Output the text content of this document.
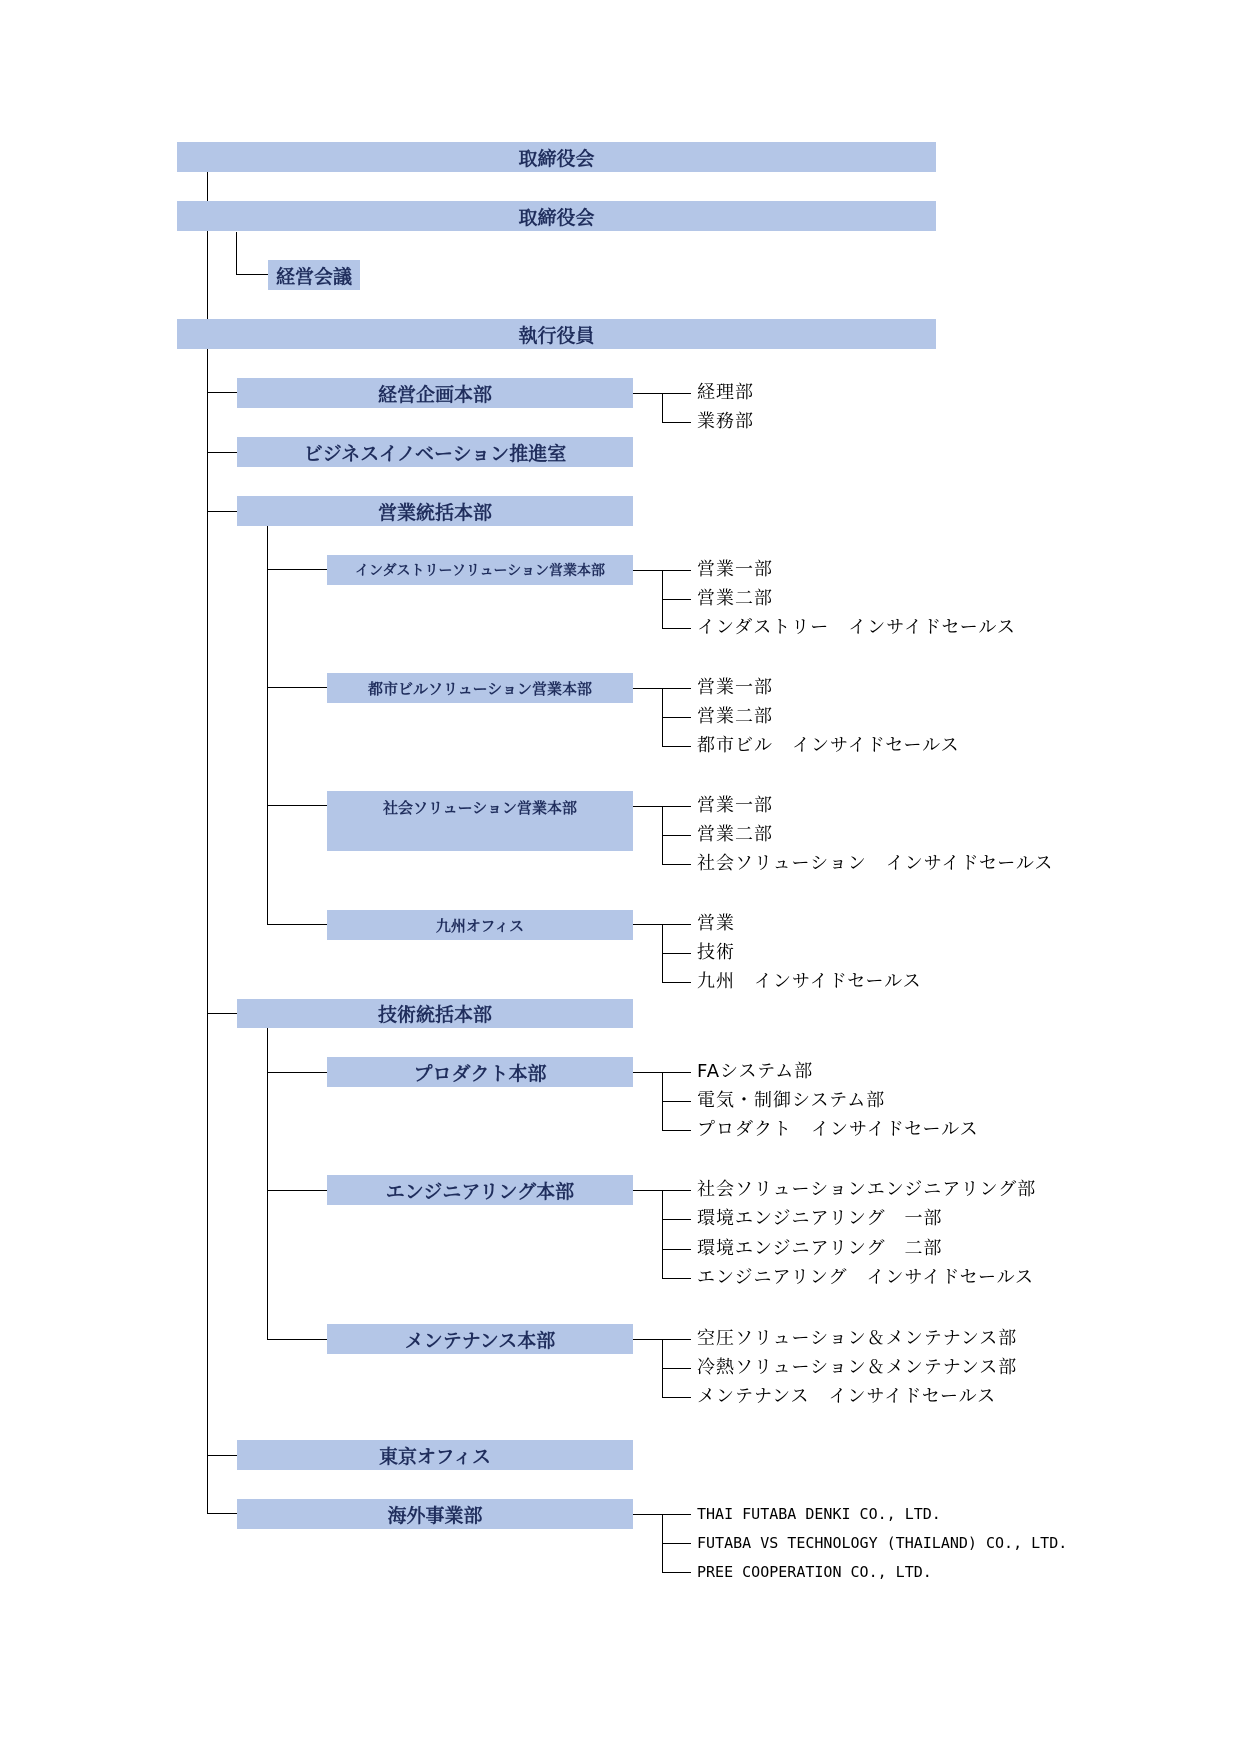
取締役会
取締役会
経営会議
執行役員
経営企画本部
ビジネスイノベーション推進室
営業統括本部
インダストリーソリューション営業本部
都市ビルソリューション営業本部
社会ソリューション営業本部
九州オフィス
技術統括本部
プロダクト本部
エンジニアリング本部
メンテナンス本部
東京オフィス
海外事業部
経理部
業務部
営業一部
営業二部
インダストリー　インサイドセールス
営業一部
営業二部
都市ビル　インサイドセールス
営業一部
営業二部
社会ソリューション　インサイドセールス
営業
技術
九州　インサイドセールス
FAシステム部
電気・制御システム部
プロダクト　インサイドセールス
社会ソリューションエンジニアリング部
環境エンジニアリング　一部
環境エンジニアリング　二部
エンジニアリング　インサイドセールス
空圧ソリューション＆メンテナンス部
冷熱ソリューション＆メンテナンス部
メンテナンス　インサイドセールス
THAI FUTABA DENKI CO., LTD.
FUTABA VS TECHNOLOGY (THAILAND) CO., LTD.
PREE COOPERATION CO., LTD.
